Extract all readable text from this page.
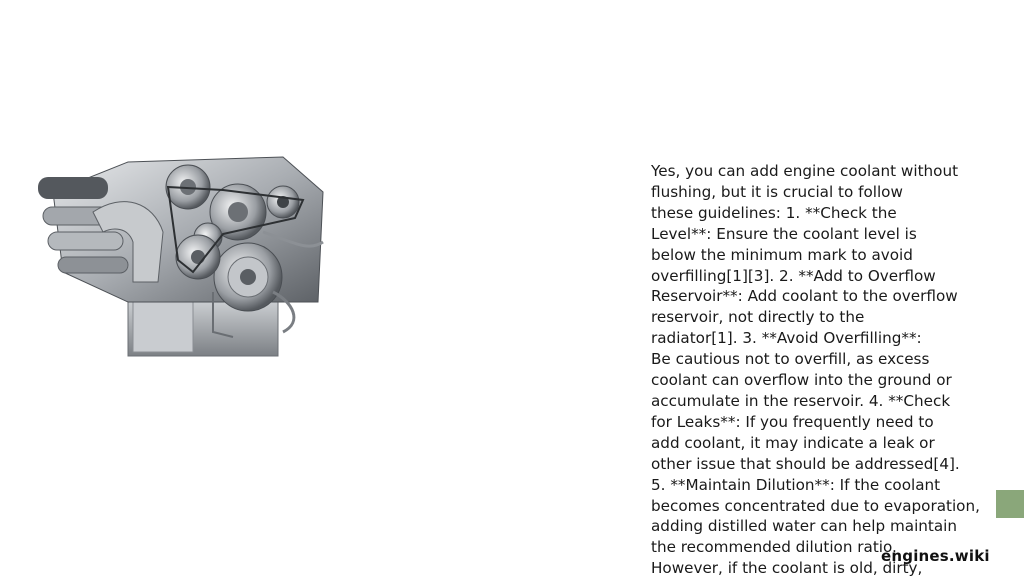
Yes, you can add engine coolant without
flushing, but it is crucial to follow
these guidelines: 1. **Check the
Level**: Ensure the coolant level is
below the minimum mark to avoid
overfilling[1][3]. 2. **Add to Overflow
Reservoir**: Add coolant to the overflow
reservoir, not directly to the
radiator[1]. 3. **Avoid Overfilling**:
Be cautious not to overfill, as excess
coolant can overflow into the ground or
accumulate in the reservoir. 4. **Check
for Leaks**: If you frequently need to
add coolant, it may indicate a leak or
other issue that should be addressed[4].
5. **Maintain Dilution**: If the coolant
becomes concentrated due to evaporation,
adding distilled water can help maintain
the recommended dilution ratio.
However, if the coolant is old, dirty,
engines.wiki
